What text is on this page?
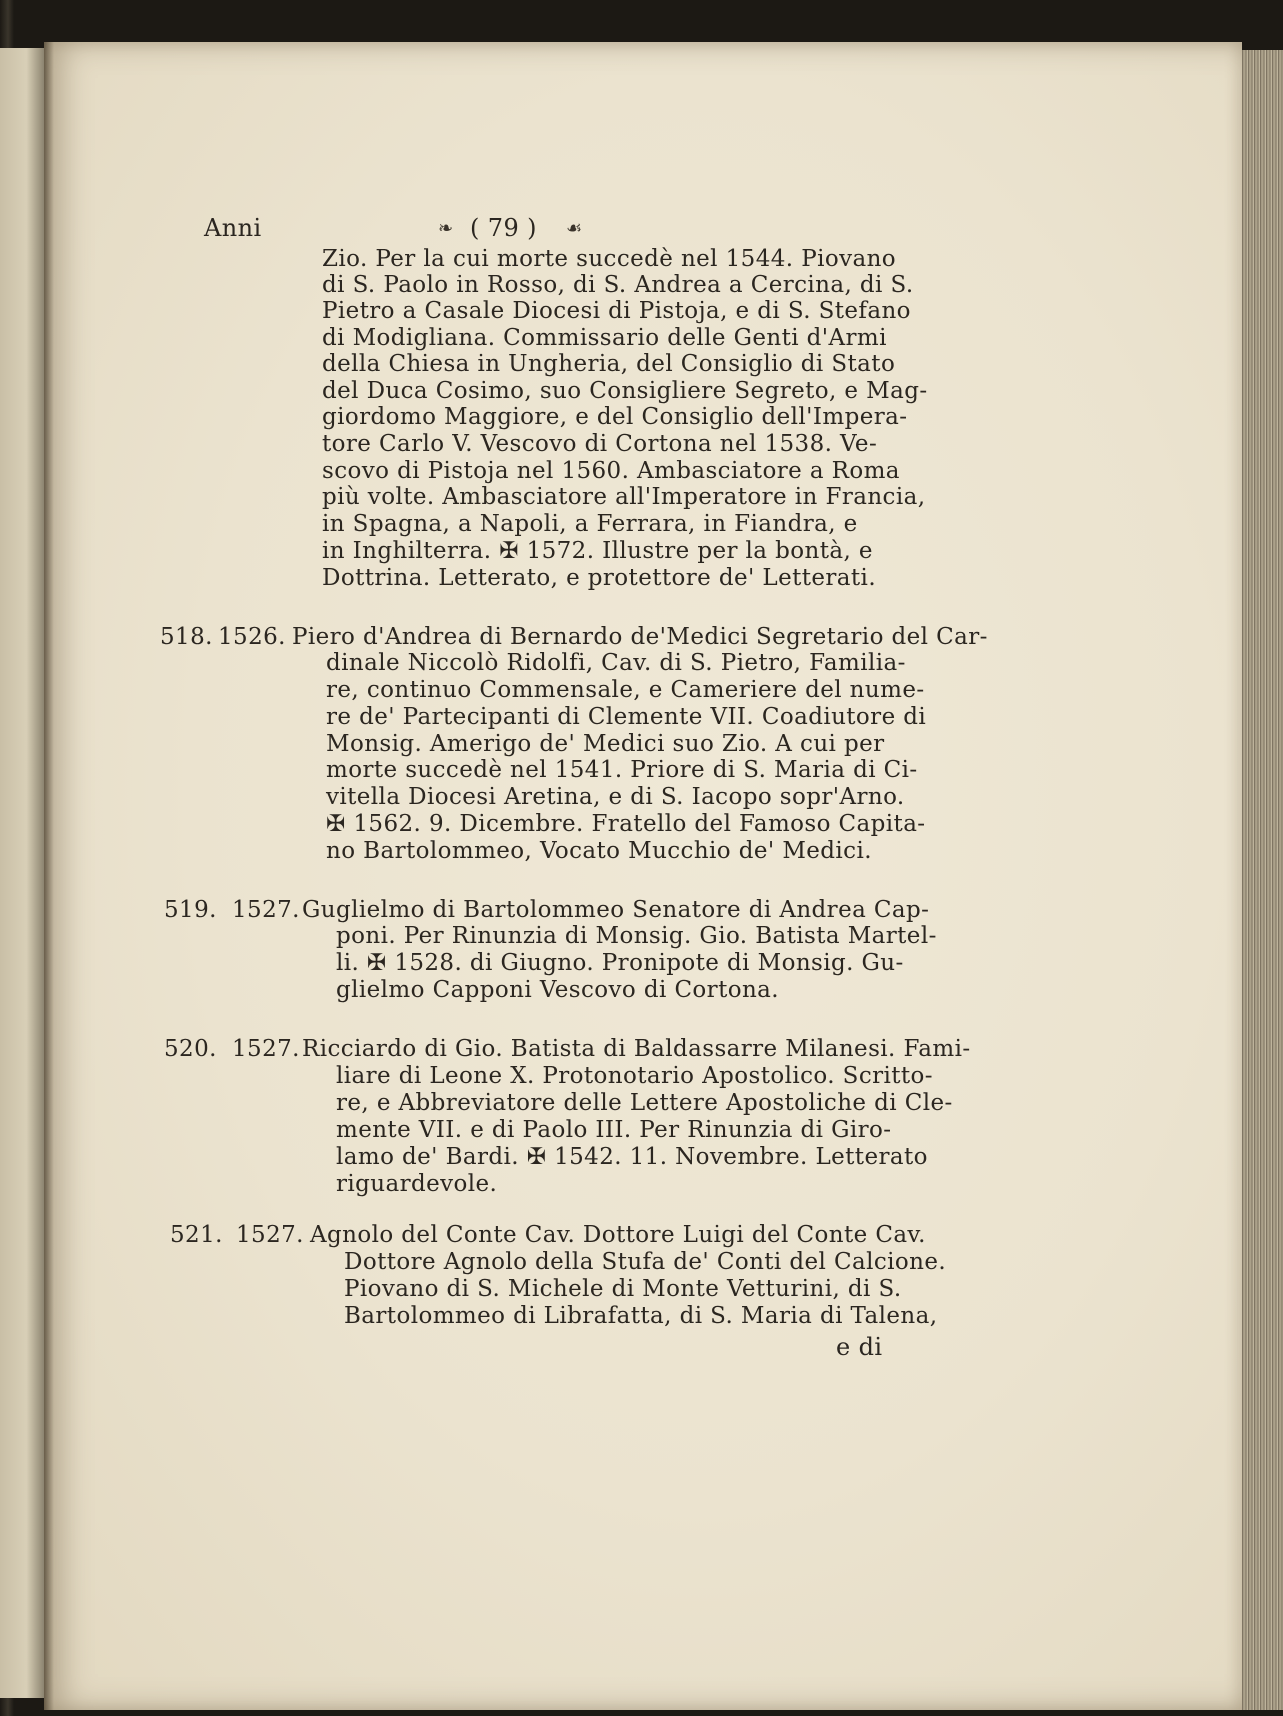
Anni	❧ ( 79 ) ☙
Zio. Per la cui morte succedè nel 1544. Piovano
di S. Paolo in Rosso, di S. Andrea a Cercina, di S.
Pietro a Casale Diocesi di Pistoja, e di S. Stefano
di Modigliana. Commissario delle Genti d'Armi
della Chiesa in Ungheria, del Consiglio di Stato
del Duca Cosimo, suo Consigliere Segreto, e Mag-
giordomo Maggiore, e del Consiglio dell'Impera-
tore Carlo V. Vescovo di Cortona nel 1538. Ve-
scovo di Pistoja nel 1560. Ambasciatore a Roma
più volte. Ambasciatore all'Imperatore in Francia,
in Spagna, a Napoli, a Ferrara, in Fiandra, e
in Inghilterra. ✠ 1572. Illustre per la bontà, e
Dottrina. Letterato, e protettore de' Letterati.
518. 1526. Piero d'Andrea di Bernardo de'Medici Segretario del Car-
dinale Niccolò Ridolfi, Cav. di S. Pietro, Familia-
re, continuo Commensale, e Cameriere del nume-
re de' Partecipanti di Clemente VII. Coadiutore di
Monsig. Amerigo de' Medici suo Zio. A cui per
morte succedè nel 1541. Priore di S. Maria di Ci-
vitella Diocesi Aretina, e di S. Iacopo sopr'Arno.
✠ 1562. 9. Dicembre. Fratello del Famoso Capita-
no Bartolommeo, Vocato Mucchio de' Medici.
519. 1527. Guglielmo di Bartolommeo Senatore di Andrea Cap-
poni. Per Rinunzia di Monsig. Gio. Batista Martel-
li. ✠ 1528. di Giugno. Pronipote di Monsig. Gu-
glielmo Capponi Vescovo di Cortona.
520. 1527. Ricciardo di Gio. Batista di Baldassarre Milanesi. Fami-
liare di Leone X. Protonotario Apostolico. Scritto-
re, e Abbreviatore delle Lettere Apostoliche di Cle-
mente VII. e di Paolo III. Per Rinunzia di Giro-
lamo de' Bardi. ✠ 1542. 11. Novembre. Letterato
riguardevole.
521. 1527. Agnolo del Conte Cav. Dottore Luigi del Conte Cav.
Dottore Agnolo della Stufa de' Conti del Calcione.
Piovano di S. Michele di Monte Vetturini, di S.
Bartolommeo di Librafatta, di S. Maria di Talena,
e di
